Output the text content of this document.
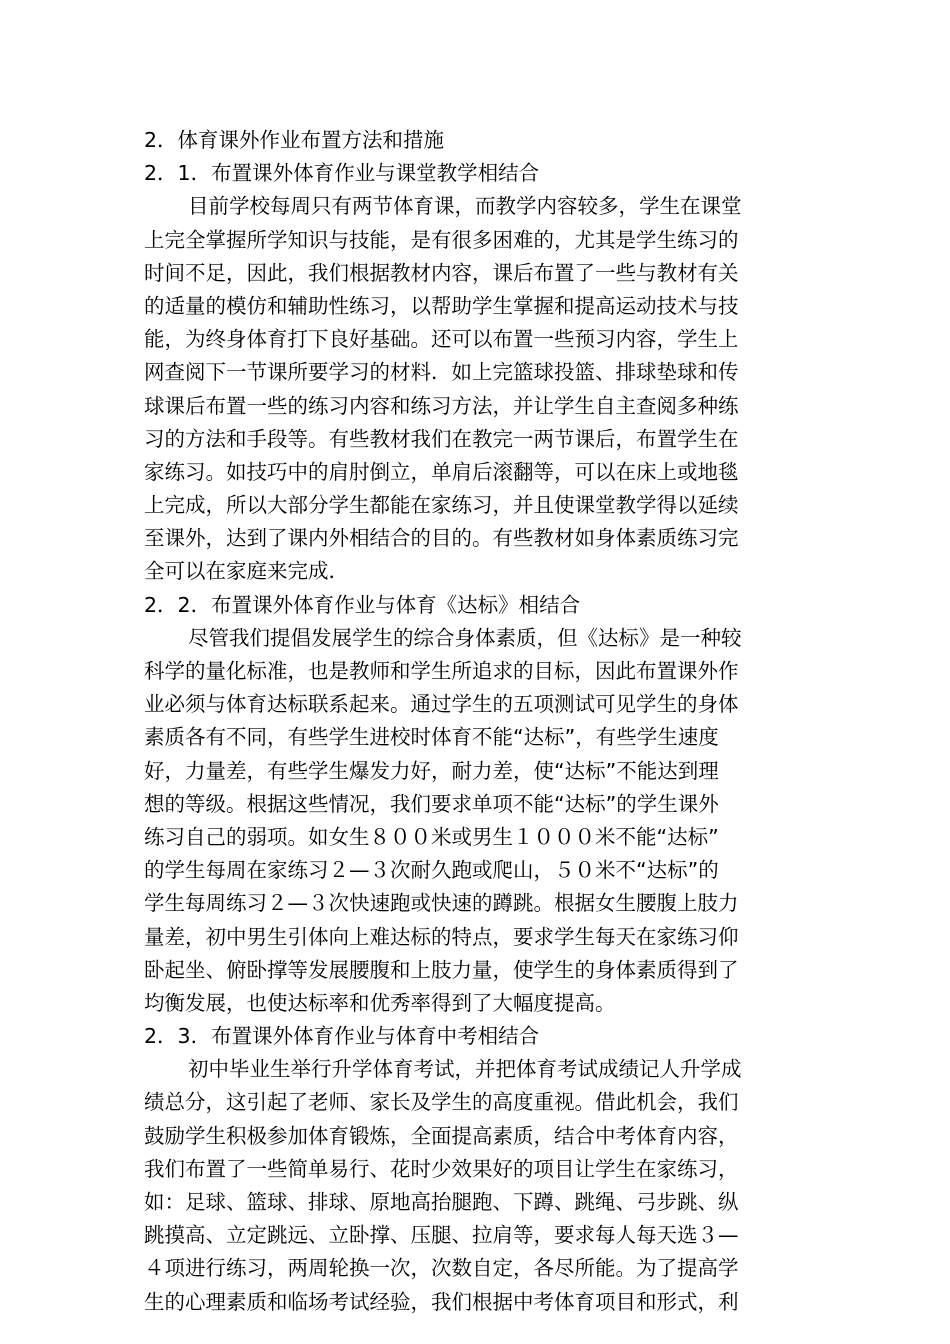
2．体育课外作业布置方法和措施
2．1．布置课外体育作业与课堂教学相结合
目前学校每周只有两节体育课，而教学内容较多，学生在课堂
上完全掌握所学知识与技能，是有很多困难的，尤其是学生练习的
时间不足，因此，我们根据教材内容，课后布置了一些与教材有关
的适量的模仿和辅助性练习，以帮助学生掌握和提高运动技术与技
能，为终身体育打下良好基础。还可以布置一些预习内容，学生上
网查阅下一节课所要学习的材料．如上完篮球投篮、排球垫球和传
球课后布置一些的练习内容和练习方法，并让学生自主查阅多种练
习的方法和手段等。有些教材我们在教完一两节课后，布置学生在
家练习。如技巧中的肩肘倒立，单肩后滚翻等，可以在床上或地毯
上完成，所以大部分学生都能在家练习，并且使课堂教学得以延续
至课外，达到了课内外相结合的目的。有些教材如身体素质练习完
全可以在家庭来完成．
2．2．布置课外体育作业与体育《达标》相结合
尽管我们提倡发展学生的综合身体素质，但《达标》是一种较
科学的量化标准，也是教师和学生所追求的目标，因此布置课外作
业必须与体育达标联系起来。通过学生的五项测试可见学生的身体
素质各有不同，有些学生进校时体育不能“达标”，有些学生速度
好，力量差，有些学生爆发力好，耐力差，使“达标”不能达到理
想的等级。根据这些情况，我们要求单项不能“达标”的学生课外
练习自己的弱项。如女生８００米或男生１０００米不能“达标”
的学生每周在家练习２—３次耐久跑或爬山，５０米不“达标”的
学生每周练习２—３次快速跑或快速的蹲跳。根据女生腰腹上肢力
量差，初中男生引体向上难达标的特点，要求学生每天在家练习仰
卧起坐、俯卧撑等发展腰腹和上肢力量，使学生的身体素质得到了
均衡发展，也使达标率和优秀率得到了大幅度提高。
2．3．布置课外体育作业与体育中考相结合
初中毕业生举行升学体育考试，并把体育考试成绩记人升学成
绩总分，这引起了老师、家长及学生的高度重视。借此机会，我们
鼓励学生积极参加体育锻炼，全面提高素质，结合中考体育内容，
我们布置了一些简单易行、花时少效果好的项目让学生在家练习，
如：足球、篮球、排球、原地高抬腿跑、下蹲、跳绳、弓步跳、纵
跳摸高、立定跳远、立卧撑、压腿、拉肩等，要求每人每天选３—
４项进行练习，两周轮换一次，次数自定，各尽所能。为了提高学
生的心理素质和临场考试经验，我们根据中考体育项目和形式，利
